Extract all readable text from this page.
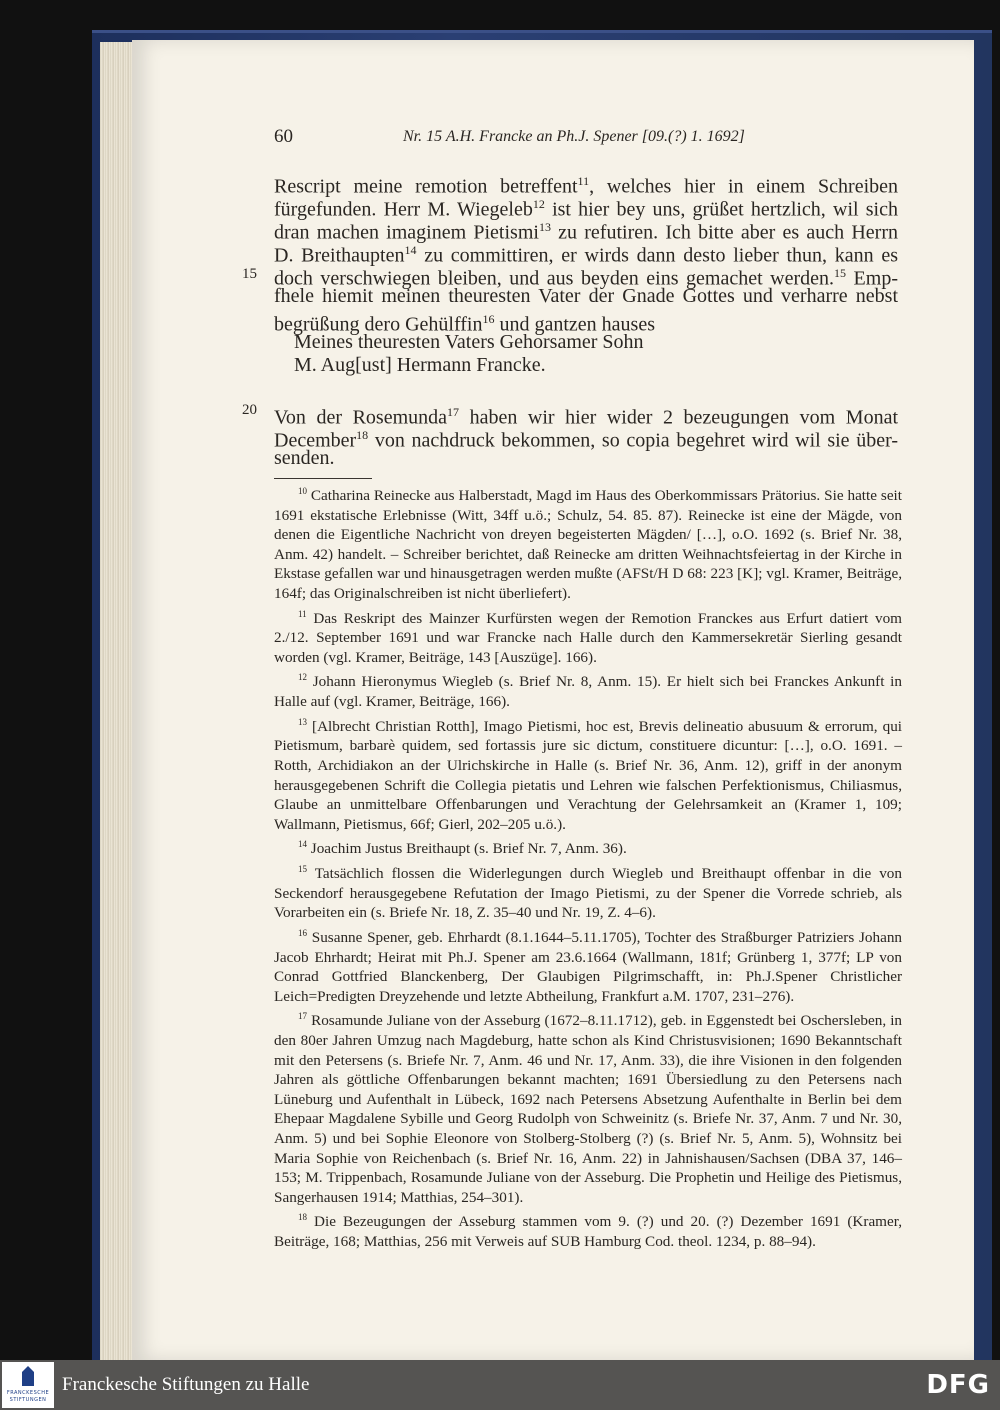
60	Nr. 15 A.H. Francke an Ph.J. Spener [09.(?) 1. 1692]
Rescript meine remotion betreffent$^{11}$, welches hier in einem Schreiben
fürgefunden. Herr M. Wiegeleb$^{12}$ ist hier bey uns, grüßet hertzlich, wil sich
dran machen imaginem Pietismi$^{13}$ zu refutiren. Ich bitte aber es auch Herrn
D. Breithaupten$^{14}$ zu committiren, er wirds dann desto lieber thun, kann es
doch verschwiegen bleiben, und aus beyden eins gemachet werden.$^{15}$ Emp-
fhele hiemit meinen theuresten Vater der Gnade Gottes und verharre nebst
begrüßung dero Gehülffin$^{16}$ und gantzen hauses
Meines theuresten Vaters Gehorsamer Sohn
M. Aug[ust] Hermann Francke.
Von der Rosemunda$^{17}$ haben wir hier wider 2 bezeugungen vom Monat
December$^{18}$ von nachdruck bekommen, so copia begehret wird wil sie über-
senden.
15
20
$^{10}$ Catharina Reinecke aus Halberstadt, Magd im Haus des Oberkommissars Prätorius. Sie hatte seit 1691 ekstatische Erlebnisse (Witt, 34ff u.ö.; Schulz, 54. 85. 87). Reinecke ist eine der Mägde, von denen die Eigentliche Nachricht von dreyen begeisterten Mägden/ […], o.O. 1692 (s. Brief Nr. 38, Anm. 42) handelt. – Schreiber berichtet, daß Reinecke am dritten Weihnachtsfeiertag in der Kirche in Ekstase gefallen war und hinausgetragen werden mußte (AFSt/H D 68: 223 [K]; vgl. Kramer, Beiträge, 164f; das Originalschreiben ist nicht überliefert).
$^{11}$ Das Reskript des Mainzer Kurfürsten wegen der Remotion Franckes aus Erfurt datiert vom 2./12. September 1691 und war Francke nach Halle durch den Kammersekretär Sierling gesandt worden (vgl. Kramer, Beiträge, 143 [Auszüge]. 166).
$^{12}$ Johann Hieronymus Wiegleb (s. Brief Nr. 8, Anm. 15). Er hielt sich bei Franckes Ankunft in Halle auf (vgl. Kramer, Beiträge, 166).
$^{13}$ [Albrecht Christian Rotth], Imago Pietismi, hoc est, Brevis delineatio abusuum & errorum, qui Pietismum, barbarè quidem, sed fortassis jure sic dictum, constituere dicuntur: […], o.O. 1691. – Rotth, Archidiakon an der Ulrichskirche in Halle (s. Brief Nr. 36, Anm. 12), griff in der anonym herausgegebenen Schrift die Collegia pietatis und Lehren wie falschen Perfektionismus, Chiliasmus, Glaube an unmittelbare Offenbarungen und Verachtung der Gelehrsamkeit an (Kramer 1, 109; Wallmann, Pietismus, 66f; Gierl, 202–205 u.ö.).
$^{14}$ Joachim Justus Breithaupt (s. Brief Nr. 7, Anm. 36).
$^{15}$ Tatsächlich flossen die Widerlegungen durch Wiegleb und Breithaupt offenbar in die von Seckendorf herausgegebene Refutation der Imago Pietismi, zu der Spener die Vorrede schrieb, als Vorarbeiten ein (s. Briefe Nr. 18, Z. 35–40 und Nr. 19, Z. 4–6).
$^{16}$ Susanne Spener, geb. Ehrhardt (8.1.1644–5.11.1705), Tochter des Straßburger Patriziers Johann Jacob Ehrhardt; Heirat mit Ph.J. Spener am 23.6.1664 (Wallmann, 181f; Grünberg 1, 377f; LP von Conrad Gottfried Blanckenberg, Der Glaubigen Pilgrimschafft, in: Ph.J.Spener Christlicher Leich=Predigten Dreyzehende und letzte Abtheilung, Frankfurt a.M. 1707, 231–276).
$^{17}$ Rosamunde Juliane von der Asseburg (1672–8.11.1712), geb. in Eggenstedt bei Oschersleben, in den 80er Jahren Umzug nach Magdeburg, hatte schon als Kind Christusvisionen; 1690 Bekanntschaft mit den Petersens (s. Briefe Nr. 7, Anm. 46 und Nr. 17, Anm. 33), die ihre Visionen in den folgenden Jahren als göttliche Offenbarungen bekannt machten; 1691 Übersiedlung zu den Petersens nach Lüneburg und Aufenthalt in Lübeck, 1692 nach Petersens Absetzung Aufenthalte in Berlin bei dem Ehepaar Magdalene Sybille und Georg Rudolph von Schweinitz (s. Briefe Nr. 37, Anm. 7 und Nr. 30, Anm. 5) und bei Sophie Eleonore von Stolberg-Stolberg (?) (s. Brief Nr. 5, Anm. 5), Wohnsitz bei Maria Sophie von Reichenbach (s. Brief Nr. 16, Anm. 22) in Jahnishausen/Sachsen (DBA 37, 146–153; M. Trippenbach, Rosamunde Juliane von der Asseburg. Die Prophetin und Heilige des Pietismus, Sangerhausen 1914; Matthias, 254–301).
$^{18}$ Die Bezeugungen der Asseburg stammen vom 9. (?) und 20. (?) Dezember 1691 (Kramer, Beiträge, 168; Matthias, 256 mit Verweis auf SUB Hamburg Cod. theol. 1234, p. 88–94).
FRANCKESCHE
STIFTUNGEN
Franckesche Stiftungen zu Halle	DFG
